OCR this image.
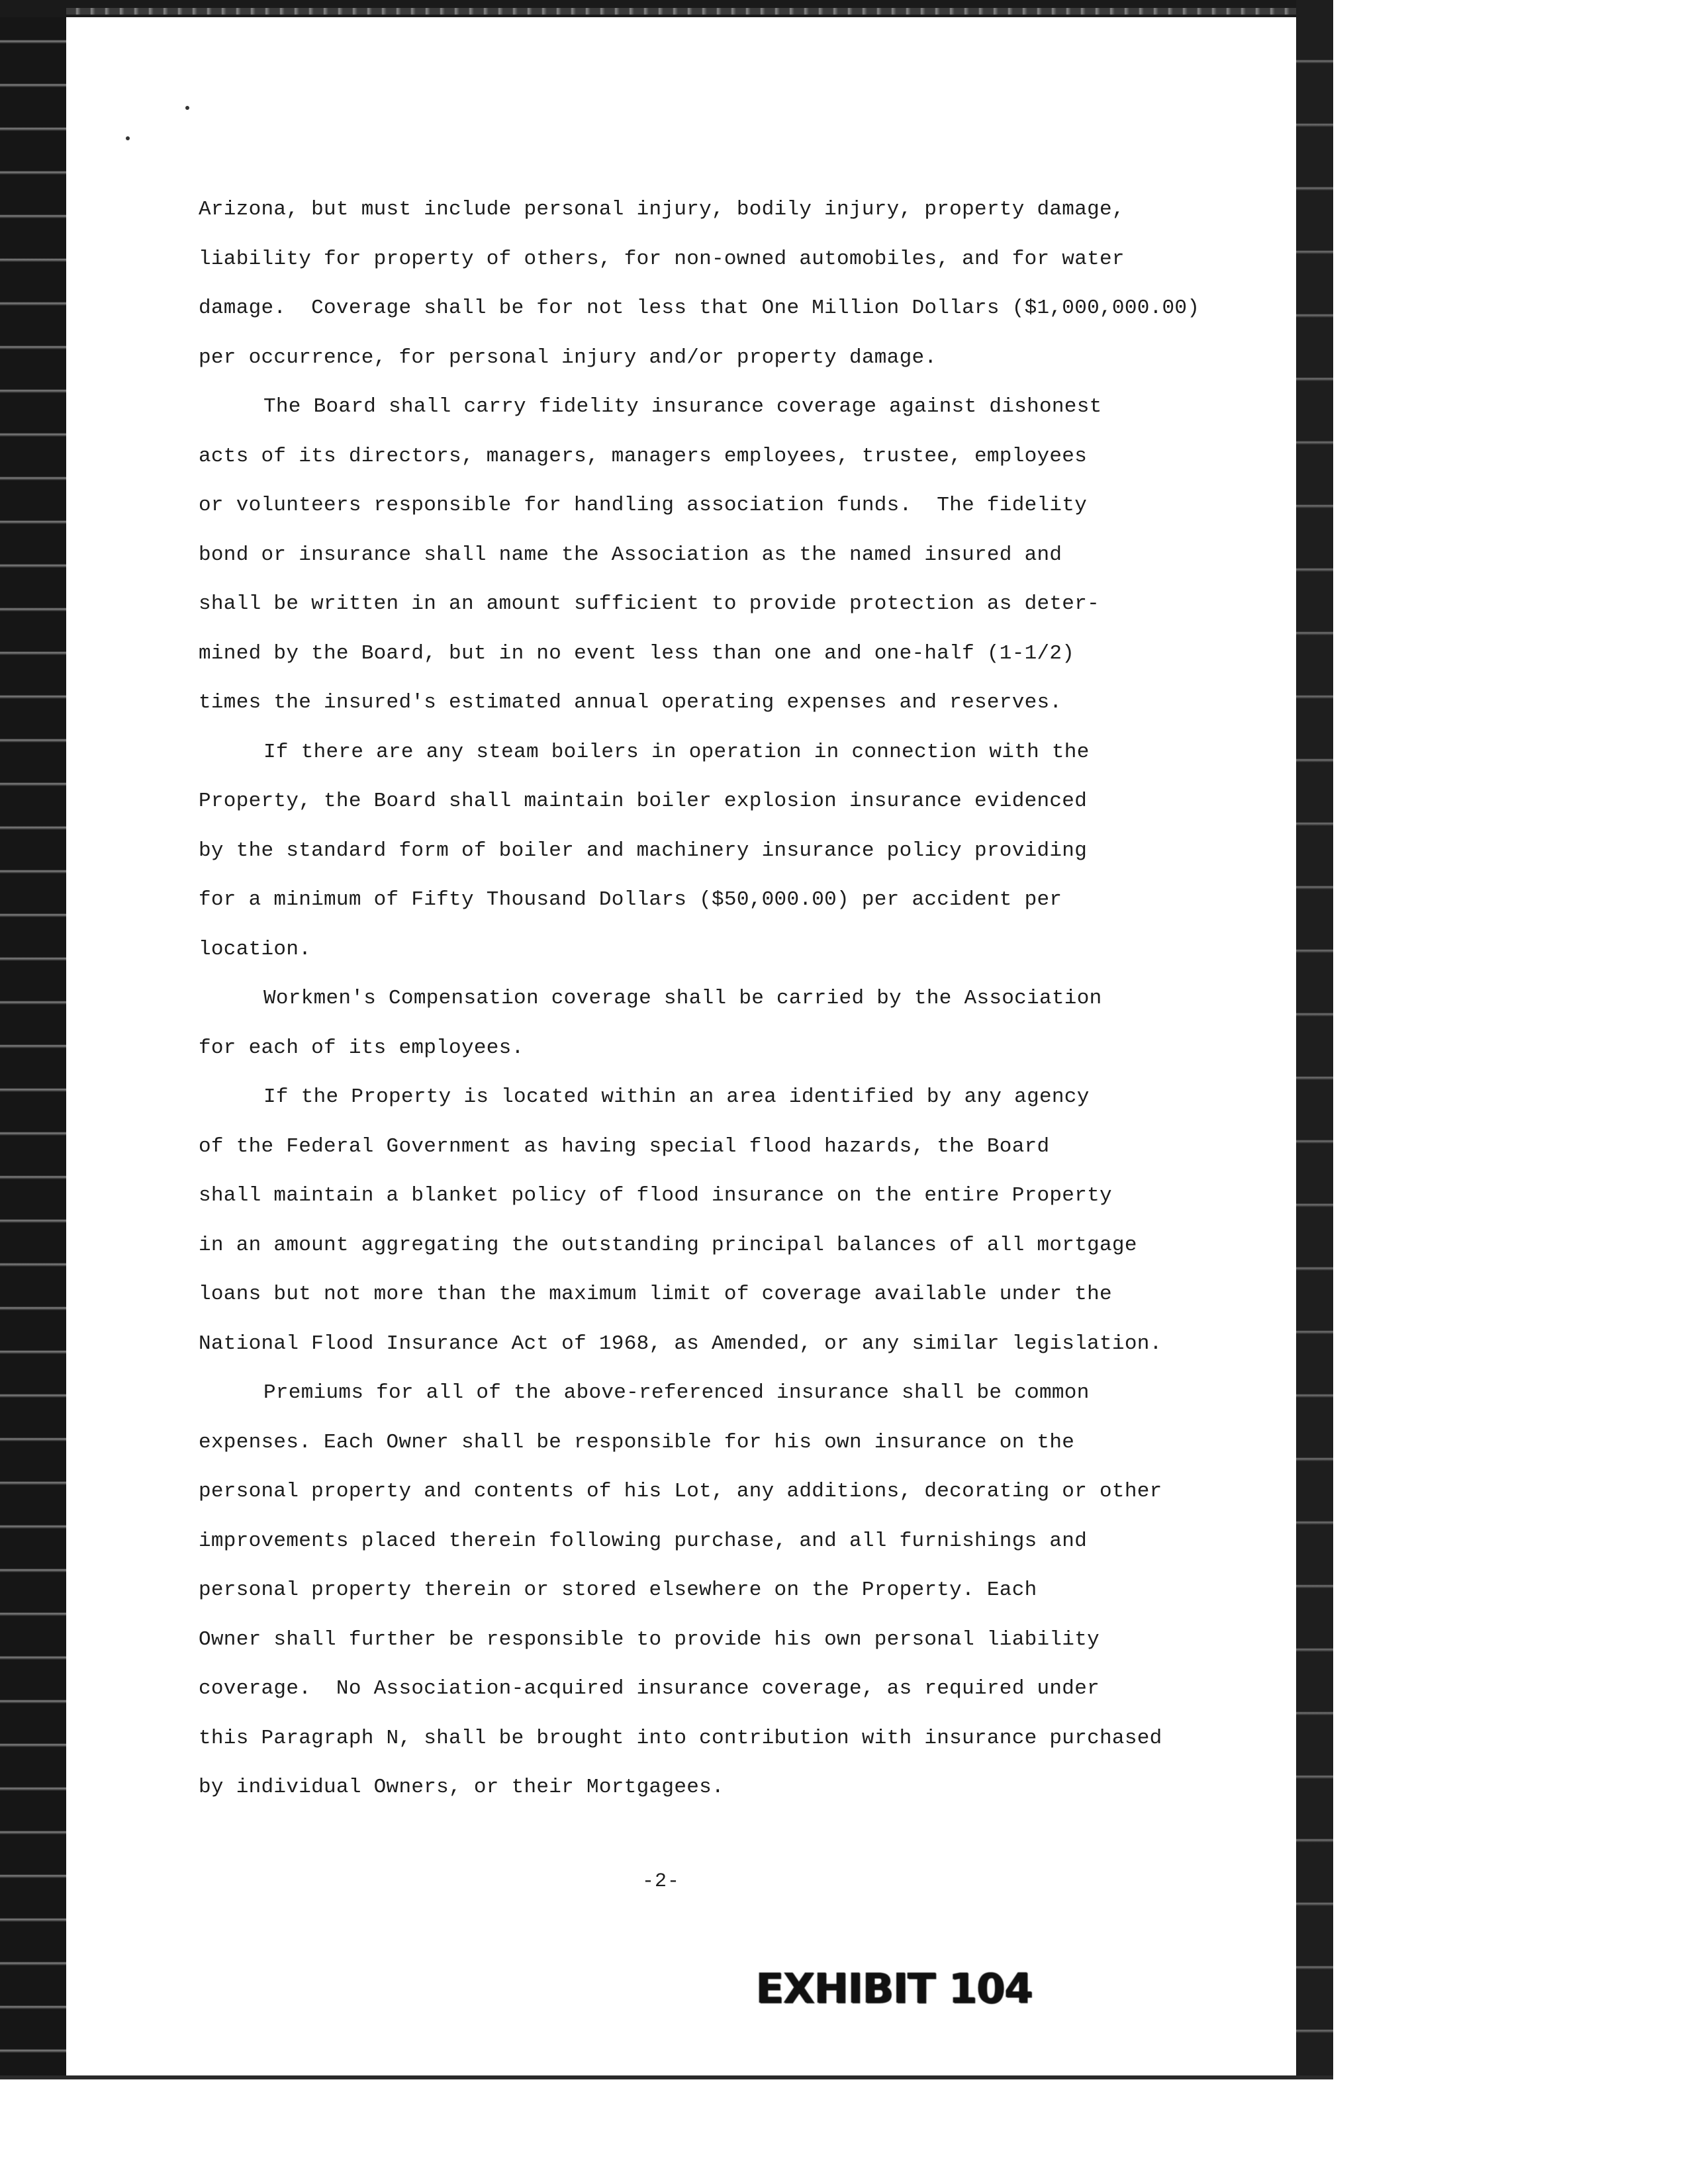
Arizona, but must include personal injury, bodily injury, property damage,
liability for property of others, for non-owned automobiles, and for water
damage.  Coverage shall be for not less that One Million Dollars ($1,000,000.00)
per occurrence, for personal injury and/or property damage.
The Board shall carry fidelity insurance coverage against dishonest
acts of its directors, managers, managers employees, trustee, employees
or volunteers responsible for handling association funds.  The fidelity
bond or insurance shall name the Association as the named insured and
shall be written in an amount sufficient to provide protection as deter-
mined by the Board, but in no event less than one and one-half (1-1/2)
times the insured's estimated annual operating expenses and reserves.
If there are any steam boilers in operation in connection with the
Property, the Board shall maintain boiler explosion insurance evidenced
by the standard form of boiler and machinery insurance policy providing
for a minimum of Fifty Thousand Dollars ($50,000.00) per accident per
location.
Workmen's Compensation coverage shall be carried by the Association
for each of its employees.
If the Property is located within an area identified by any agency
of the Federal Government as having special flood hazards, the Board
shall maintain a blanket policy of flood insurance on the entire Property
in an amount aggregating the outstanding principal balances of all mortgage
loans but not more than the maximum limit of coverage available under the
National Flood Insurance Act of 1968, as Amended, or any similar legislation.
Premiums for all of the above-referenced insurance shall be common
expenses. Each Owner shall be responsible for his own insurance on the
personal property and contents of his Lot, any additions, decorating or other
improvements placed therein following purchase, and all furnishings and
personal property therein or stored elsewhere on the Property. Each
Owner shall further be responsible to provide his own personal liability
coverage.  No Association-acquired insurance coverage, as required under
this Paragraph N, shall be brought into contribution with insurance purchased
by individual Owners, or their Mortgagees.
-2-
EXHIBIT 104
